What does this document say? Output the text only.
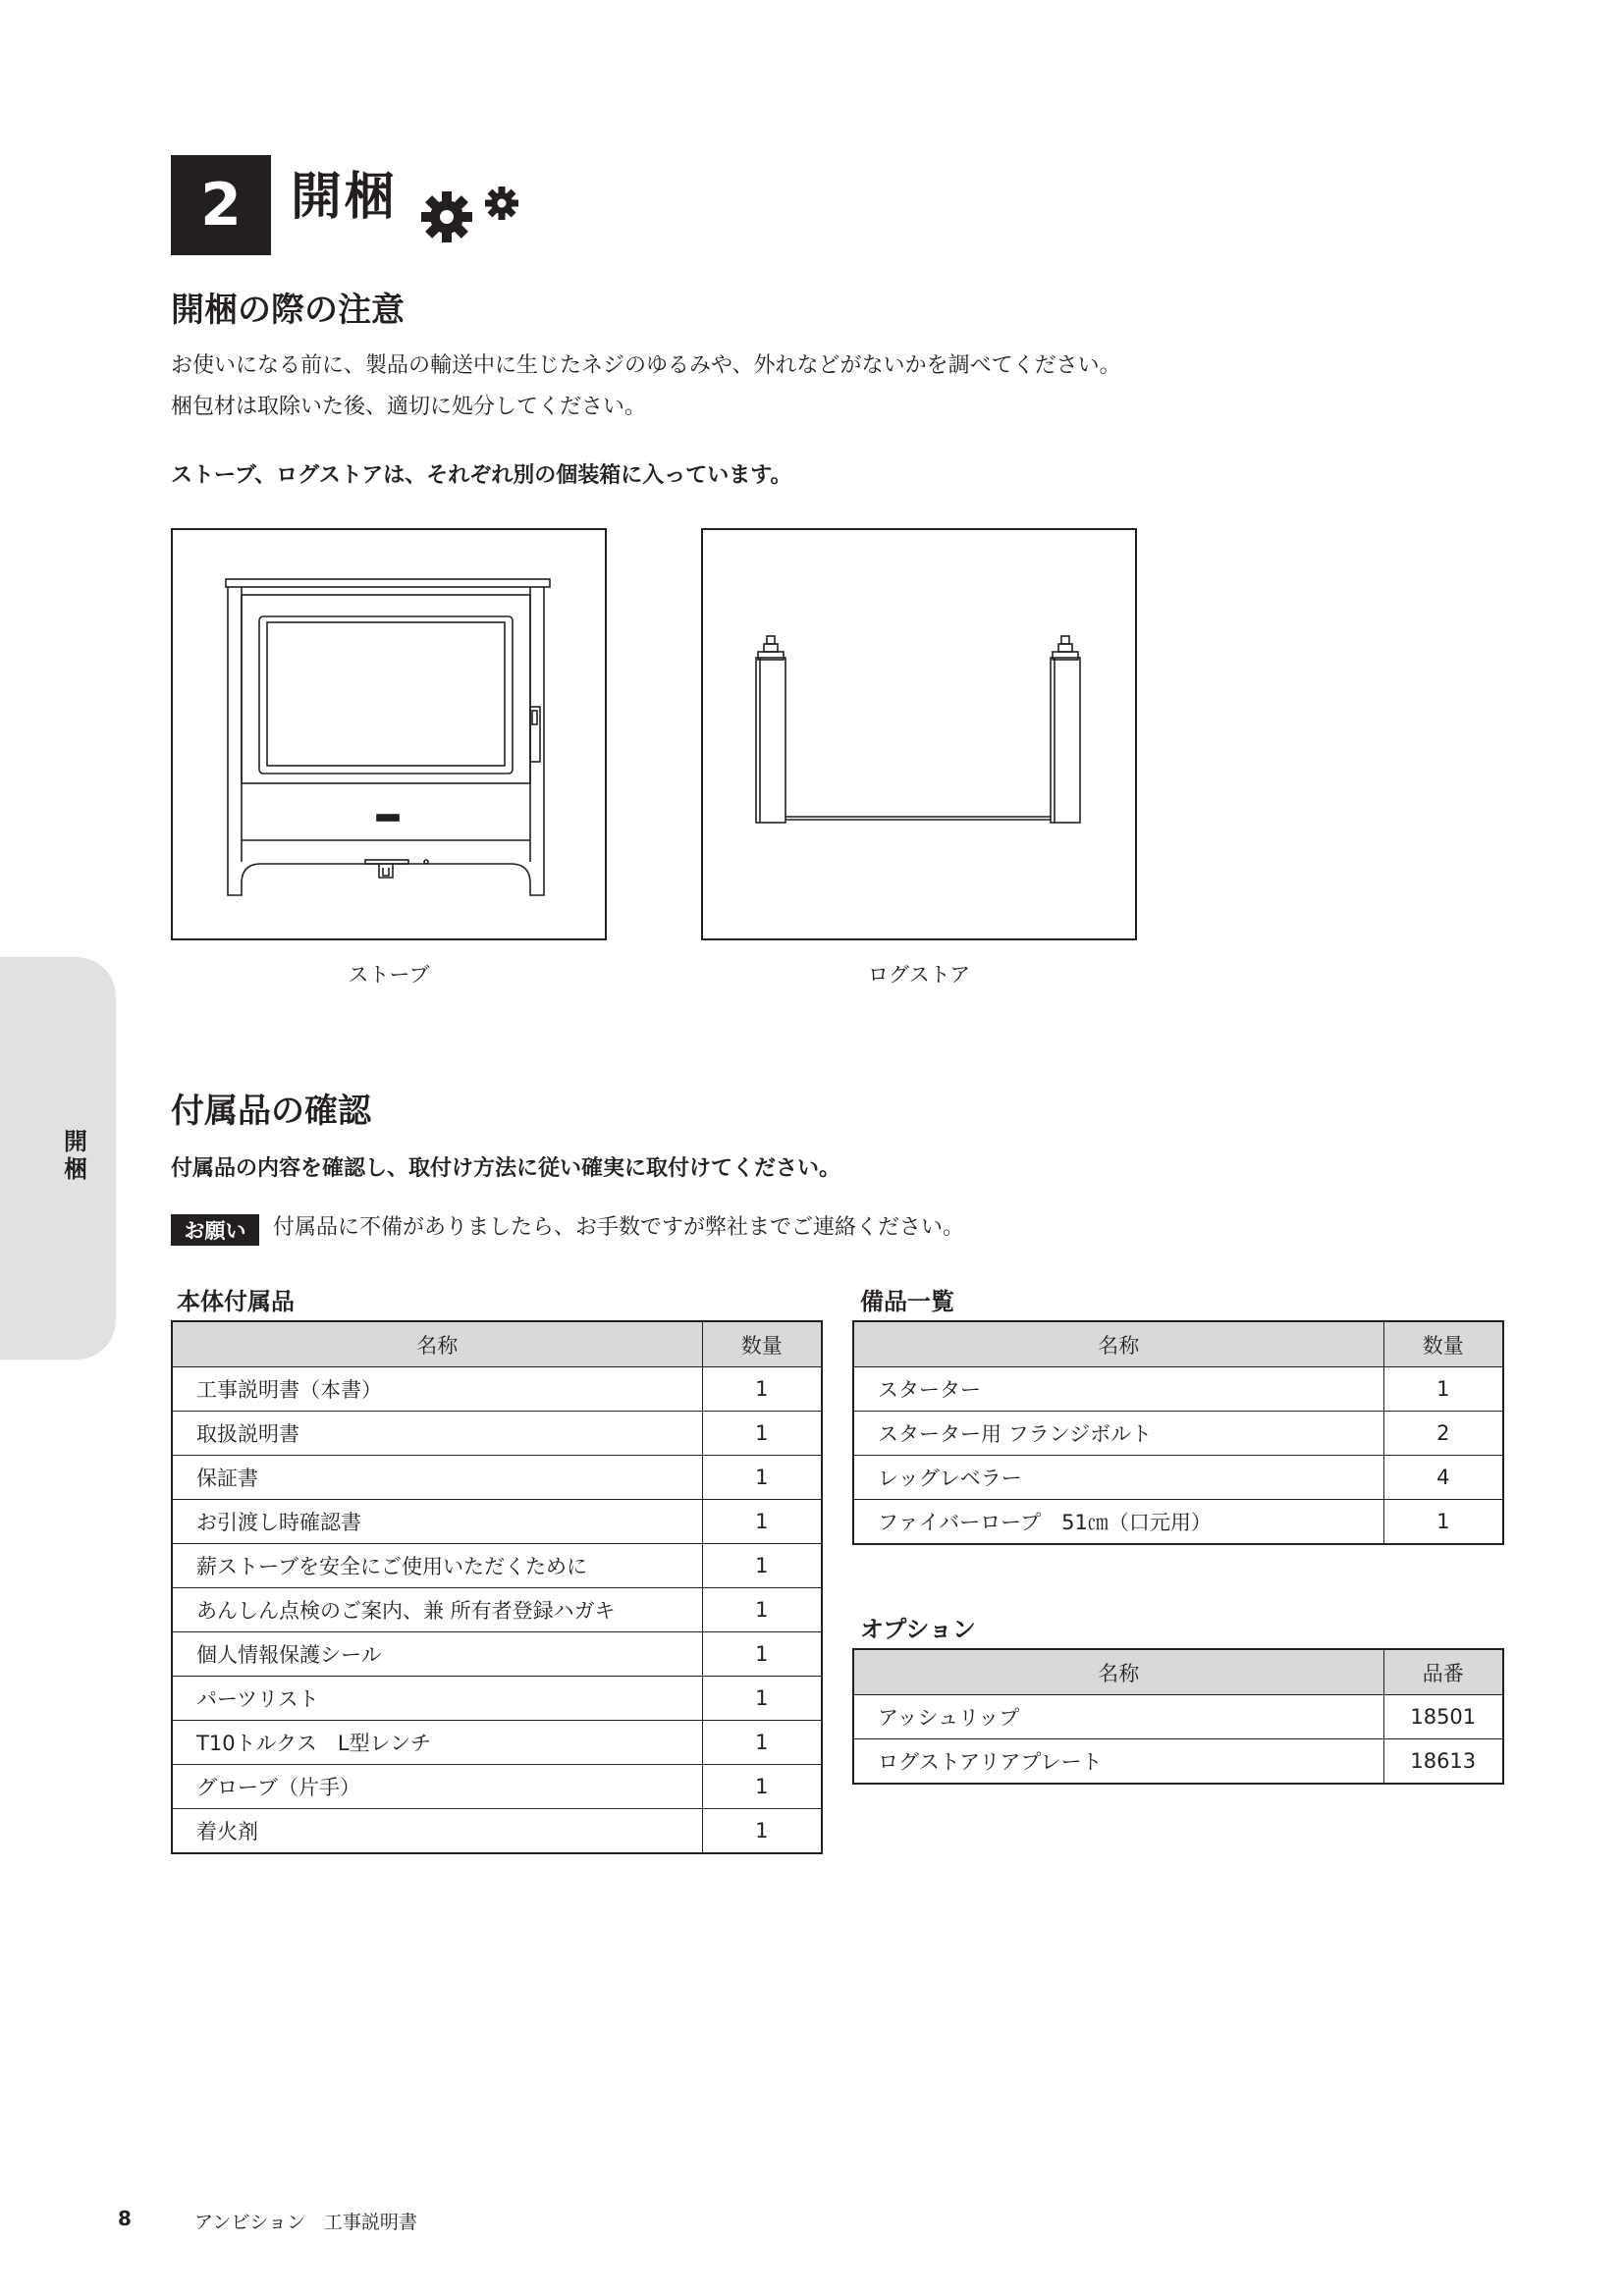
2 開梱
開梱の際の注意

お使いになる前に、製品の輸送中に生じたネジのゆるみや、外れなどがないかを調べてください。

梱包材は取除いた後、適切に処分してください。

ストーブ、ログストアは、それぞれ別の個装箱に入っています。

ストーブ	ログストア
開梱
付属品の確認

付属品の内容を確認し、取付け方法に従い確実に取付けてください。

お願い	付属品に不備がありましたら、お手数ですが弊社までご連絡ください。

本体付属品
名称	数量
工事説明書（本書）	1
取扱説明書	1
保証書	1
お引渡し時確認書	1
薪ストーブを安全にご使用いただくために	1
あんしん点検のご案内、兼 所有者登録ハガキ	1
個人情報保護シール	1
パーツリスト	1
T10トルクス　L型レンチ	1
グローブ（片手）	1
着火剤	1
備品一覧
名称	数量
スターター	1
スターター用 フランジボルト	2
レッグレベラー	4
ファイバーロープ　51㎝（口元用）	1
オプション
名称	品番
アッシュリップ	18501
ログストアリアプレート	18613
8	アンビション　工事説明書
